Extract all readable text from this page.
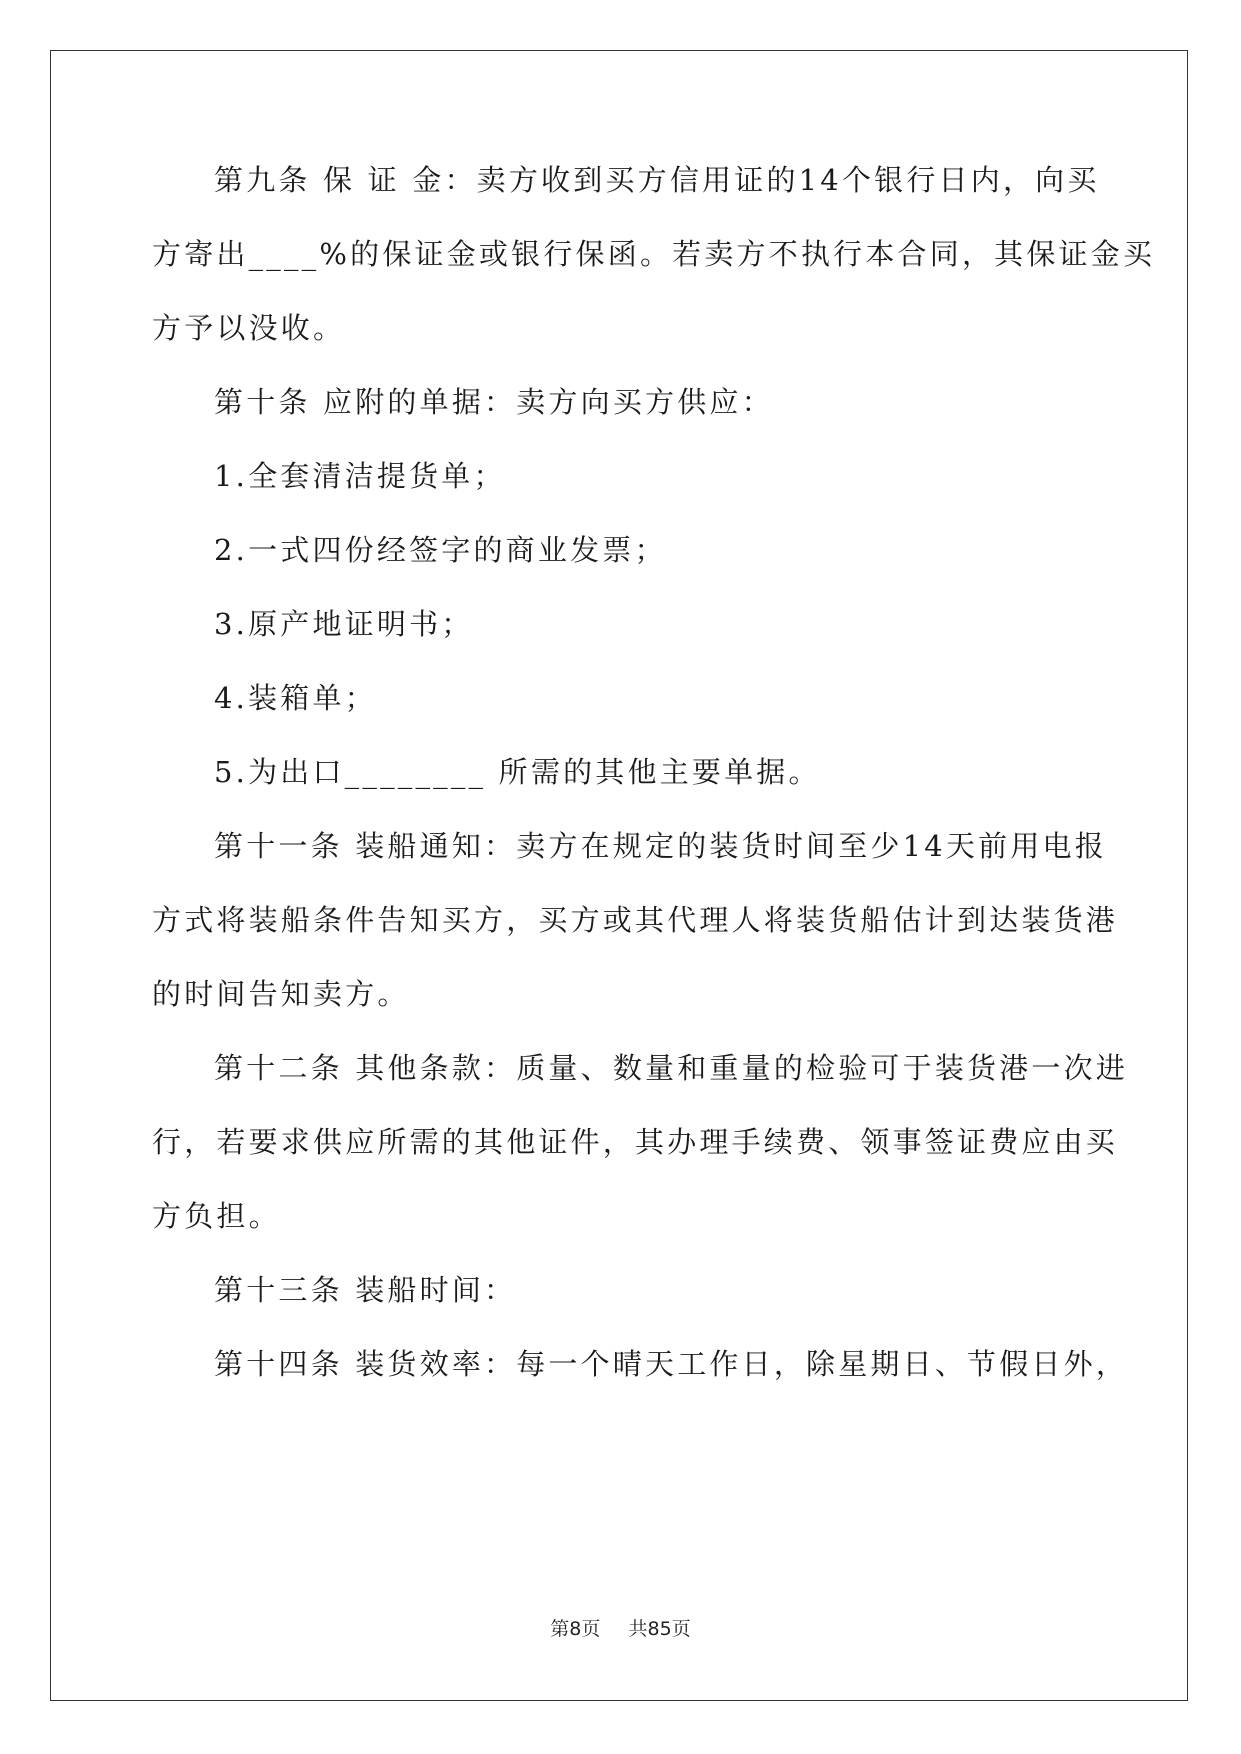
第九条 保 证 金：卖方收到买方信用证的14个银行日内，向买
方寄出____%的保证金或银行保函。若卖方不执行本合同，其保证金买
方予以没收。
第十条 应附的单据：卖方向买方供应：
1.全套清洁提货单；
2.一式四份经签字的商业发票；
3.原产地证明书；
4.装箱单；
5.为出口________ 所需的其他主要单据。
第十一条 装船通知：卖方在规定的装货时间至少14天前用电报
方式将装船条件告知买方，买方或其代理人将装货船估计到达装货港
的时间告知卖方。
第十二条 其他条款：质量、数量和重量的检验可于装货港一次进
行，若要求供应所需的其他证件，其办理手续费、领事签证费应由买
方负担。
第十三条 装船时间：
第十四条 装货效率：每一个晴天工作日，除星期日、节假日外，
第8页 共85页
